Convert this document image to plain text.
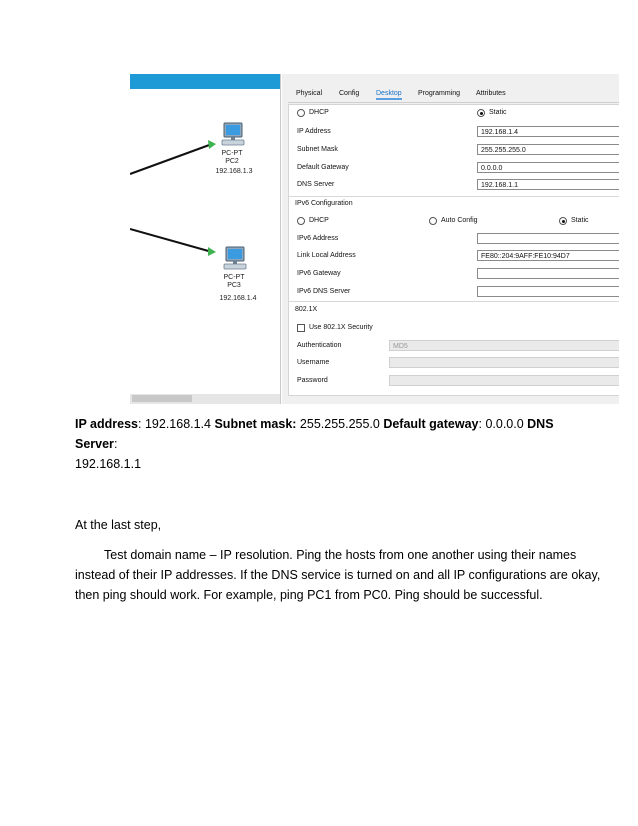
PC-PT
PC2
192.168.1.3
PC-PT
PC3
192.168.1.4
Physical Config Desktop Programming Attributes
DHCP	Static
IP Address	192.168.1.4
Subnet Mask	255.255.255.0
Default Gateway	0.0.0.0
DNS Server	192.168.1.1
IPv6 Configuration
DHCP	Auto Config	Static
IPv6 Address
Link Local Address	FE80::204:9AFF:FE10:94D7
IPv6 Gateway
IPv6 DNS Server
802.1X
Use 802.1X Security
Authentication	MD5
Username
Password
IP address: 192.168.1.4 Subnet mask: 255.255.255.0 Default gateway: 0.0.0.0 DNS Server:
192.168.1.1
At the last step,
Test domain name – IP resolution. Ping the hosts from one another using their names
instead of their IP addresses. If the DNS service is turned on and all IP configurations are okay,
then ping should work. For example, ping PC1 from PC0. Ping should be successful.
